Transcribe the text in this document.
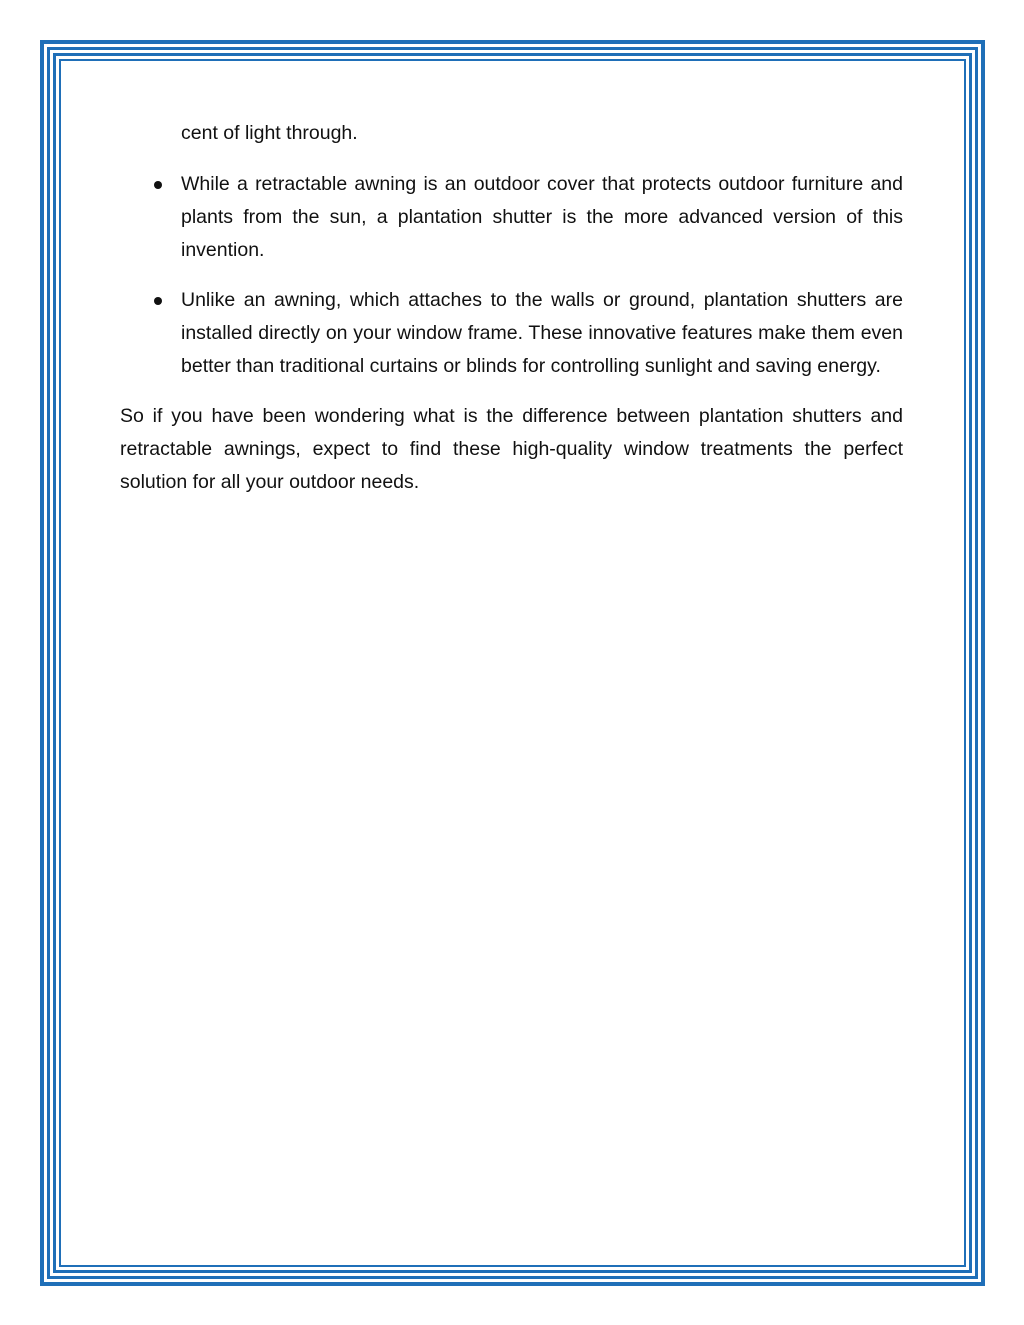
cent of light through.

While a retractable awning is an outdoor cover that protects outdoor furniture and plants from the sun, a plantation shutter is the more advanced version of this invention.
Unlike an awning, which attaches to the walls or ground, plantation shutters are installed directly on your window frame. These innovative features make them even better than traditional curtains or blinds for controlling sunlight and saving energy.

So if you have been wondering what is the difference between plantation shutters and retractable awnings, expect to find these high-quality window treatments the perfect solution for all your outdoor needs.
